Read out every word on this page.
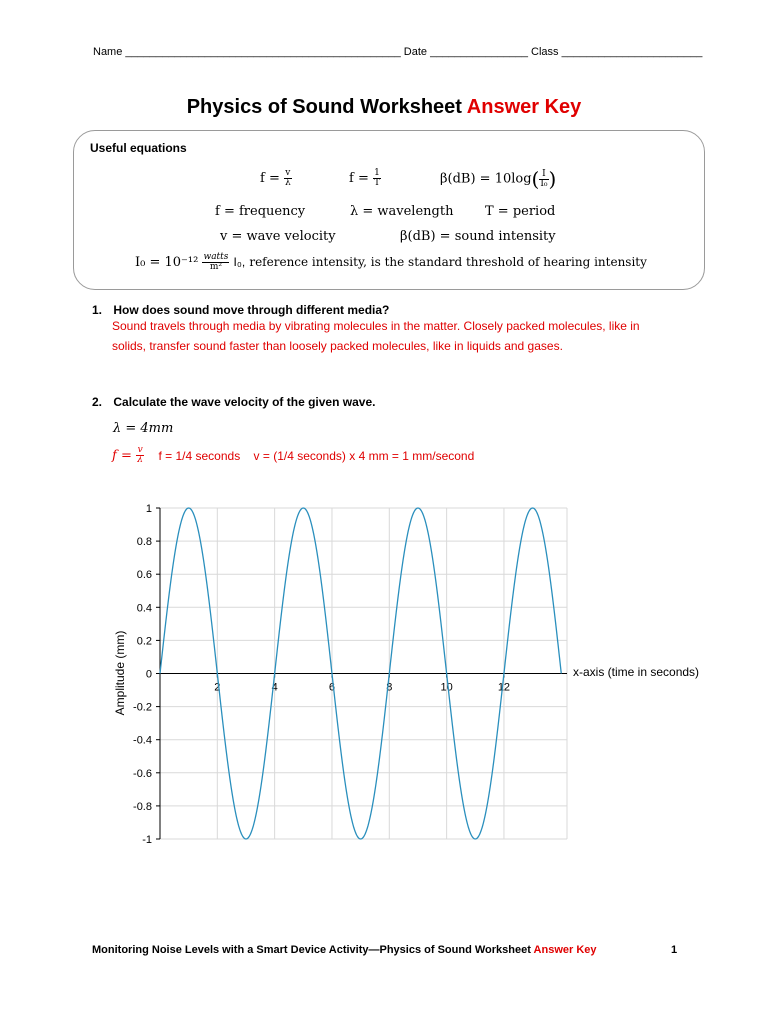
Name _____________________________________________ Date ________________ Class _______________________
Physics of Sound Worksheet Answer Key
Useful equations
$f = \frac{v}{\lambda}$	$f = \frac{1}{T}$	$\beta(dB) = 10\log( \frac{I}{\text{I₀}}$ )
f = frequency	λ = wavelength T = period
v = wave velocity	β(dB) = sound intensity
$I_0 = 10^{-12} \frac{\text{watts}}{\text{m²}} I_0$, reference intensity, is the standard threshold of hearing intensity
1. How does sound move through different media?
Sound travels through media by vibrating molecules in the matter. Closely packed molecules, like in
solids, transfer sound faster than loosely packed molecules, like in liquids and gases.
2. Calculate the wave velocity of the given wave.
λ = 4mm
$f = \frac{v}{\lambda}$ f = 1/4 seconds    v = (1/4 seconds) x 4 mm = 1 mm/second
1
0.8
0.6
0.4
0.2
0
-0.2
-0.4
-0.6
-0.8
-1
2	4	6	8	10	12
Amplitude (mm)	x-axis (time in seconds)
Monitoring Noise Levels with a Smart Device Activity—Physics of Sound Worksheet Answer Key	1
